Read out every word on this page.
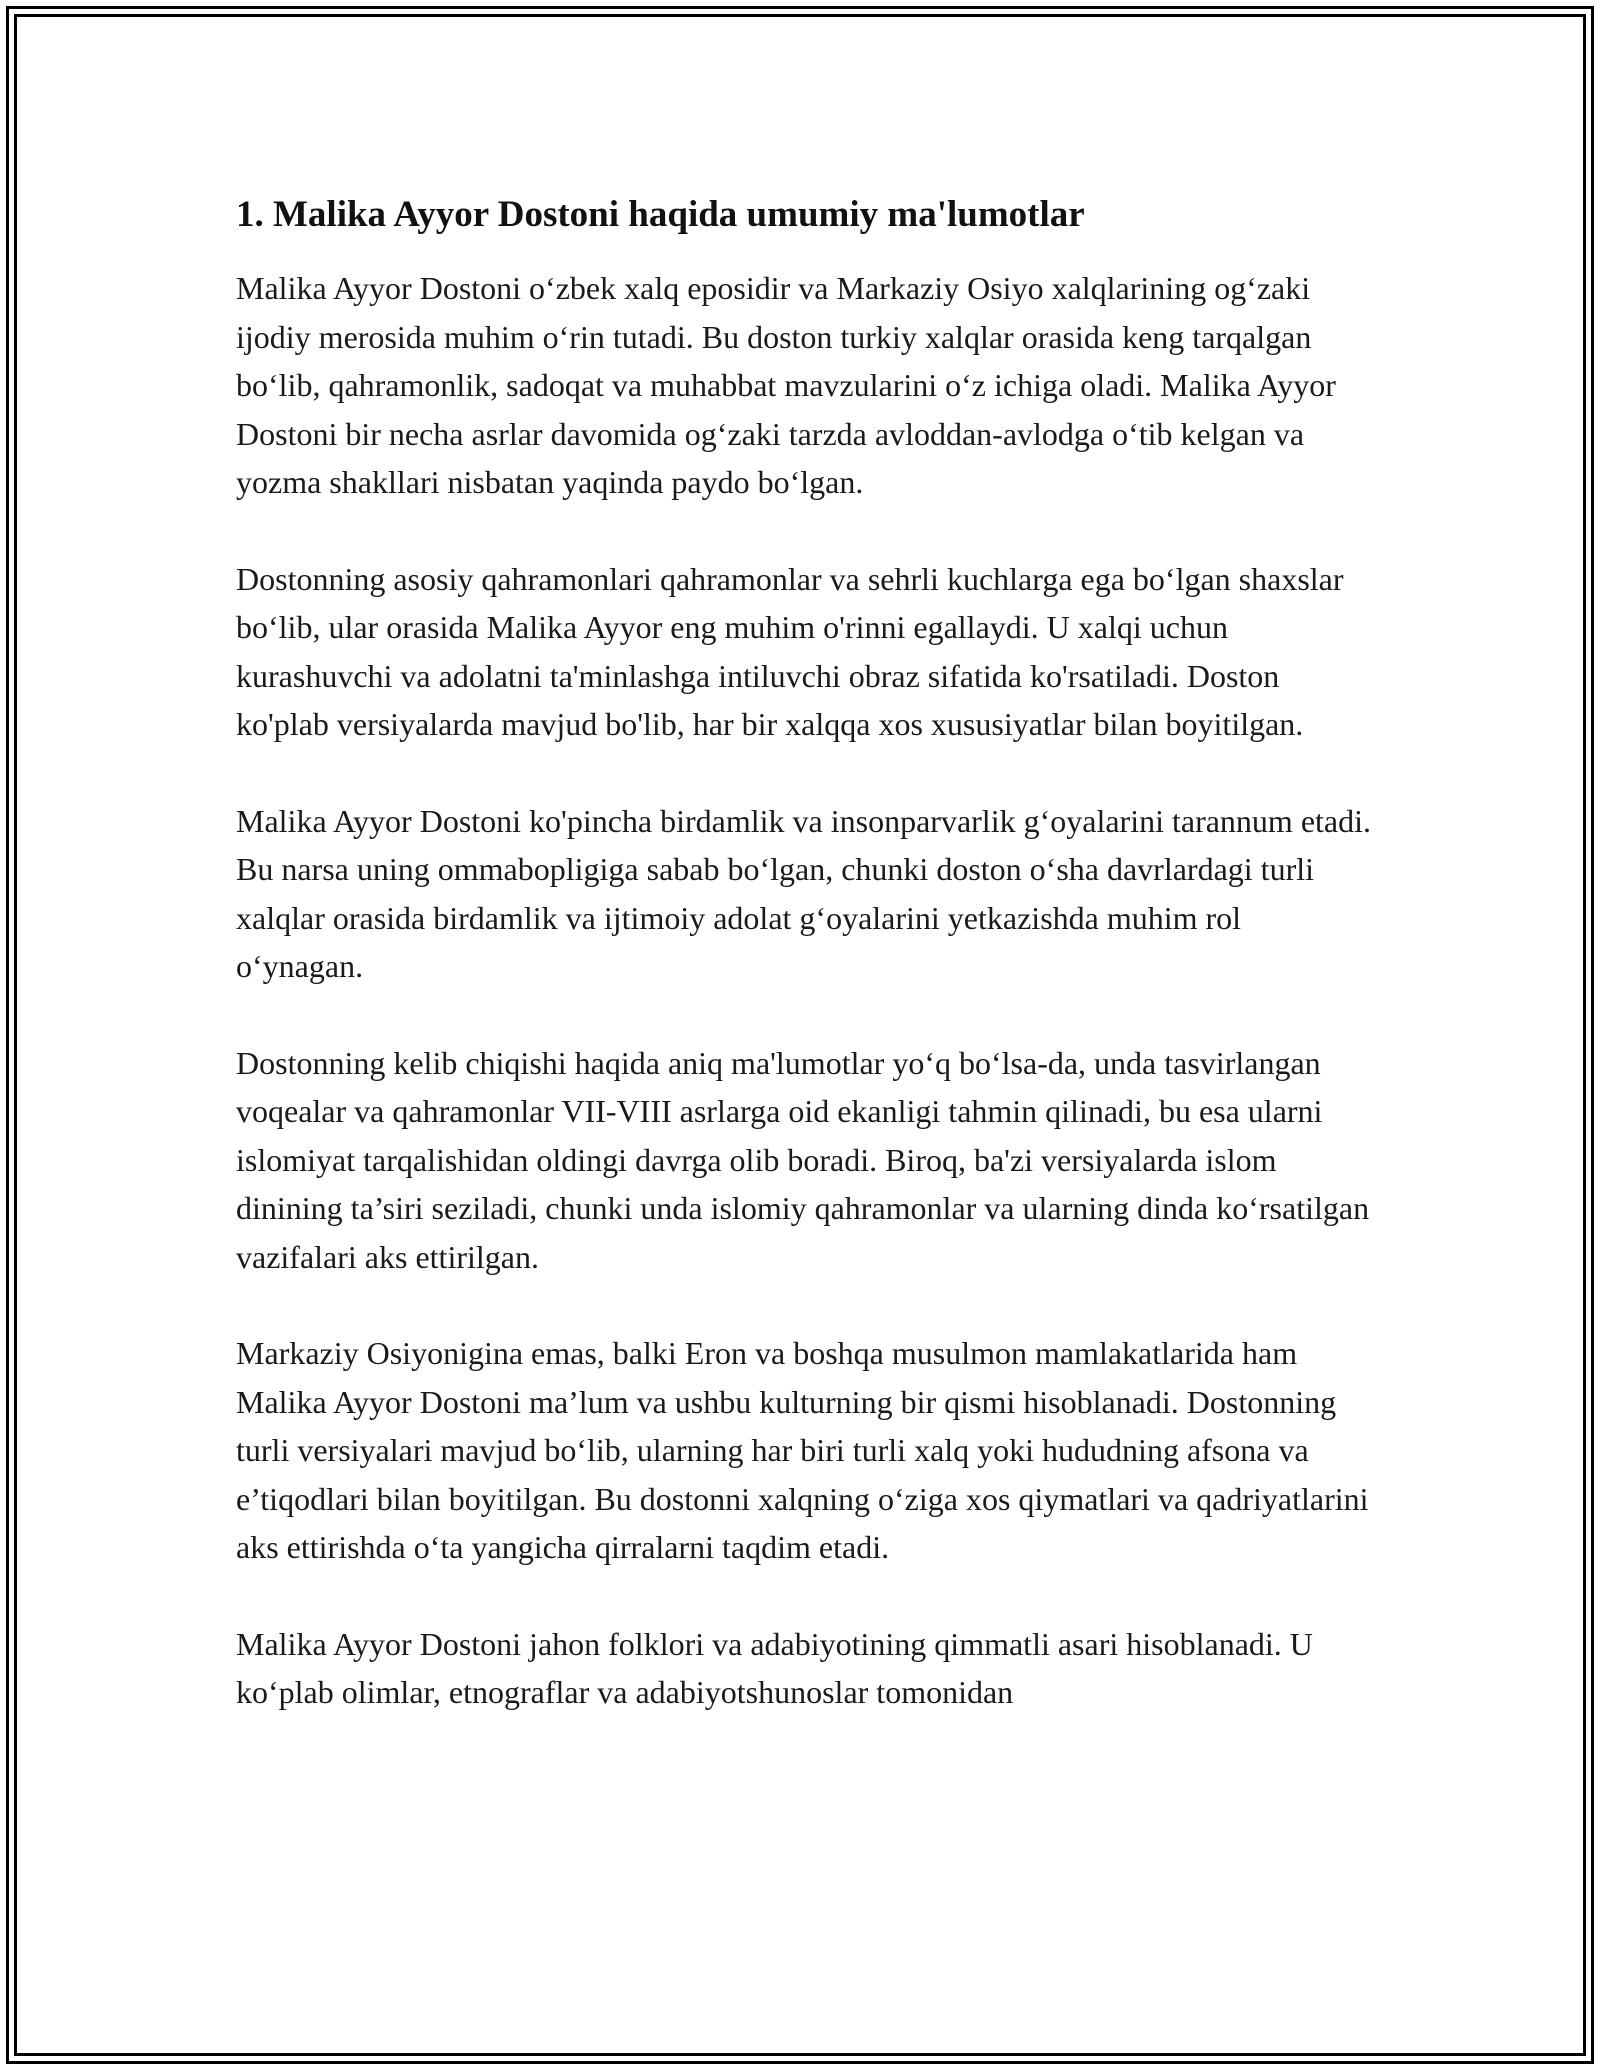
1. Malika Ayyor Dostoni haqida umumiy ma'lumotlar

Malika Ayyor Dostoni o‘zbek xalq eposidir va Markaziy Osiyo xalqlarining og‘zaki ijodiy merosida muhim o‘rin tutadi. Bu doston turkiy xalqlar orasida keng tarqalgan bo‘lib, qahramonlik, sadoqat va muhabbat mavzularini o‘z ichiga oladi. Malika Ayyor Dostoni bir necha asrlar davomida og‘zaki tarzda avloddan-avlodga o‘tib kelgan va yozma shakllari nisbatan yaqinda paydo bo‘lgan.

Dostonning asosiy qahramonlari qahramonlar va sehrli kuchlarga ega bo‘lgan shaxslar bo‘lib, ular orasida Malika Ayyor eng muhim o'rinni egallaydi. U xalqi uchun kurashuvchi va adolatni ta'minlashga intiluvchi obraz sifatida ko'rsatiladi. Doston ko'plab versiyalarda mavjud bo'lib, har bir xalqqa xos xususiyatlar bilan boyitilgan.

Malika Ayyor Dostoni ko'pincha birdamlik va insonparvarlik g‘oyalarini tarannum etadi. Bu narsa uning ommabopligiga sabab bo‘lgan, chunki doston o‘sha davrlardagi turli xalqlar orasida birdamlik va ijtimoiy adolat g‘oyalarini yetkazishda muhim rol o‘ynagan.

Dostonning kelib chiqishi haqida aniq ma'lumotlar yo‘q bo‘lsa-da, unda tasvirlangan voqealar va qahramonlar VII-VIII asrlarga oid ekanligi tahmin qilinadi, bu esa ularni islomiyat tarqalishidan oldingi davrga olib boradi. Biroq, ba'zi versiyalarda islom dinining ta’siri seziladi, chunki unda islomiy qahramonlar va ularning dinda ko‘rsatilgan vazifalari aks ettirilgan.

Markaziy Osiyonigina emas, balki Eron va boshqa musulmon mamlakatlarida ham Malika Ayyor Dostoni ma’lum va ushbu kulturning bir qismi hisoblanadi. Dostonning turli versiyalari mavjud bo‘lib, ularning har biri turli xalq yoki hududning afsona va e’tiqodlari bilan boyitilgan. Bu dostonni xalqning o‘ziga xos qiymatlari va qadriyatlarini aks ettirishda o‘ta yangicha qirralarni taqdim etadi.

Malika Ayyor Dostoni jahon folklori va adabiyotining qimmatli asari hisoblanadi. U ko‘plab olimlar, etnograflar va adabiyotshunoslar tomonidan
